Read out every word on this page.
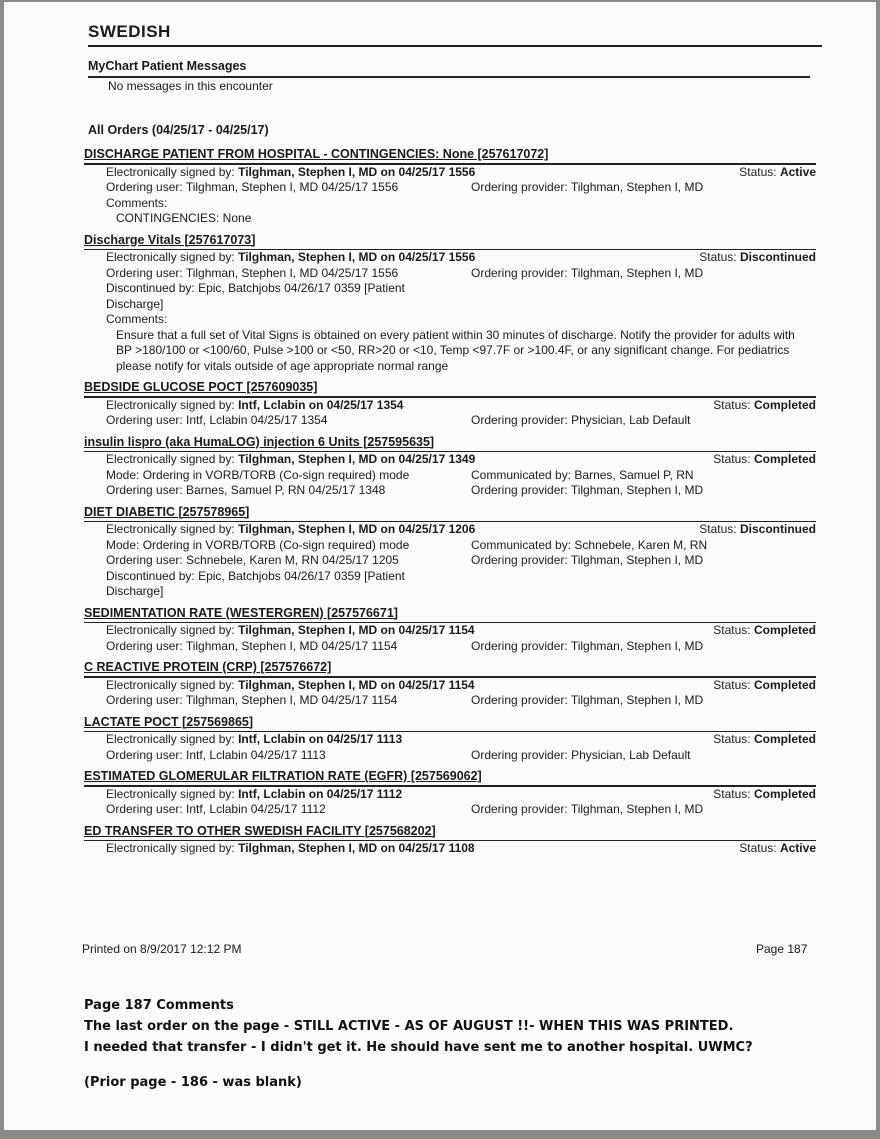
SWEDISH
MyChart Patient Messages
No messages in this encounter
All Orders (04/25/17 - 04/25/17)
DISCHARGE PATIENT FROM HOSPITAL - CONTINGENCIES: None [257617072]
Electronically signed by: Tilghman, Stephen I, MD on 04/25/17 1556	Status: Active
Ordering user: Tilghman, Stephen I, MD 04/25/17 1556	Ordering provider: Tilghman, Stephen I, MD
Comments:
CONTINGENCIES: None
Discharge Vitals [257617073]
Electronically signed by: Tilghman, Stephen I, MD on 04/25/17 1556	Status: Discontinued
Ordering user: Tilghman, Stephen I, MD 04/25/17 1556	Ordering provider: Tilghman, Stephen I, MD
Discontinued by: Epic, Batchjobs 04/26/17 0359 [Patient Discharge]
Comments:
Ensure that a full set of Vital Signs is obtained on every patient within 30 minutes of discharge. Notify the provider for adults with BP >180/100 or <100/60, Pulse >100 or <50, RR>20 or <10, Temp <97.7F or >100.4F, or any significant change. For pediatrics please notify for vitals outside of age appropriate normal range
BEDSIDE GLUCOSE POCT [257609035]
Electronically signed by: Intf, Lclabin on 04/25/17 1354	Status: Completed
Ordering user: Intf, Lclabin 04/25/17 1354	Ordering provider: Physician, Lab Default
insulin lispro (aka HumaLOG) injection 6 Units [257595635]
Electronically signed by: Tilghman, Stephen I, MD on 04/25/17 1349	Status: Completed
Mode: Ordering in VORB/TORB (Co-sign required) mode	Communicated by: Barnes, Samuel P, RN
Ordering user: Barnes, Samuel P, RN 04/25/17 1348	Ordering provider: Tilghman, Stephen I, MD
DIET DIABETIC [257578965]
Electronically signed by: Tilghman, Stephen I, MD on 04/25/17 1206	Status: Discontinued
Mode: Ordering in VORB/TORB (Co-sign required) mode	Communicated by: Schnebele, Karen M, RN
Ordering user: Schnebele, Karen M, RN 04/25/17 1205	Ordering provider: Tilghman, Stephen I, MD
Discontinued by: Epic, Batchjobs 04/26/17 0359 [Patient Discharge]
SEDIMENTATION RATE (WESTERGREN) [257576671]
Electronically signed by: Tilghman, Stephen I, MD on 04/25/17 1154	Status: Completed
Ordering user: Tilghman, Stephen I, MD 04/25/17 1154	Ordering provider: Tilghman, Stephen I, MD
C REACTIVE PROTEIN (CRP) [257576672]
Electronically signed by: Tilghman, Stephen I, MD on 04/25/17 1154	Status: Completed
Ordering user: Tilghman, Stephen I, MD 04/25/17 1154	Ordering provider: Tilghman, Stephen I, MD
LACTATE POCT [257569865]
Electronically signed by: Intf, Lclabin on 04/25/17 1113	Status: Completed
Ordering user: Intf, Lclabin 04/25/17 1113	Ordering provider: Physician, Lab Default
ESTIMATED GLOMERULAR FILTRATION RATE (EGFR) [257569062]
Electronically signed by: Intf, Lclabin on 04/25/17 1112	Status: Completed
Ordering user: Intf, Lclabin 04/25/17 1112	Ordering provider: Tilghman, Stephen I, MD
ED TRANSFER TO OTHER SWEDISH FACILITY [257568202]
Electronically signed by: Tilghman, Stephen I, MD on 04/25/17 1108	Status: Active
Printed on 8/9/2017 12:12 PM	Page 187
Page 187 Comments
The last order on the page - STILL ACTIVE - AS OF AUGUST !!- WHEN THIS WAS PRINTED.
I needed that transfer - I didn't get it. He should have sent me to another hospital. UWMC?
(Prior page - 186 - was blank)
